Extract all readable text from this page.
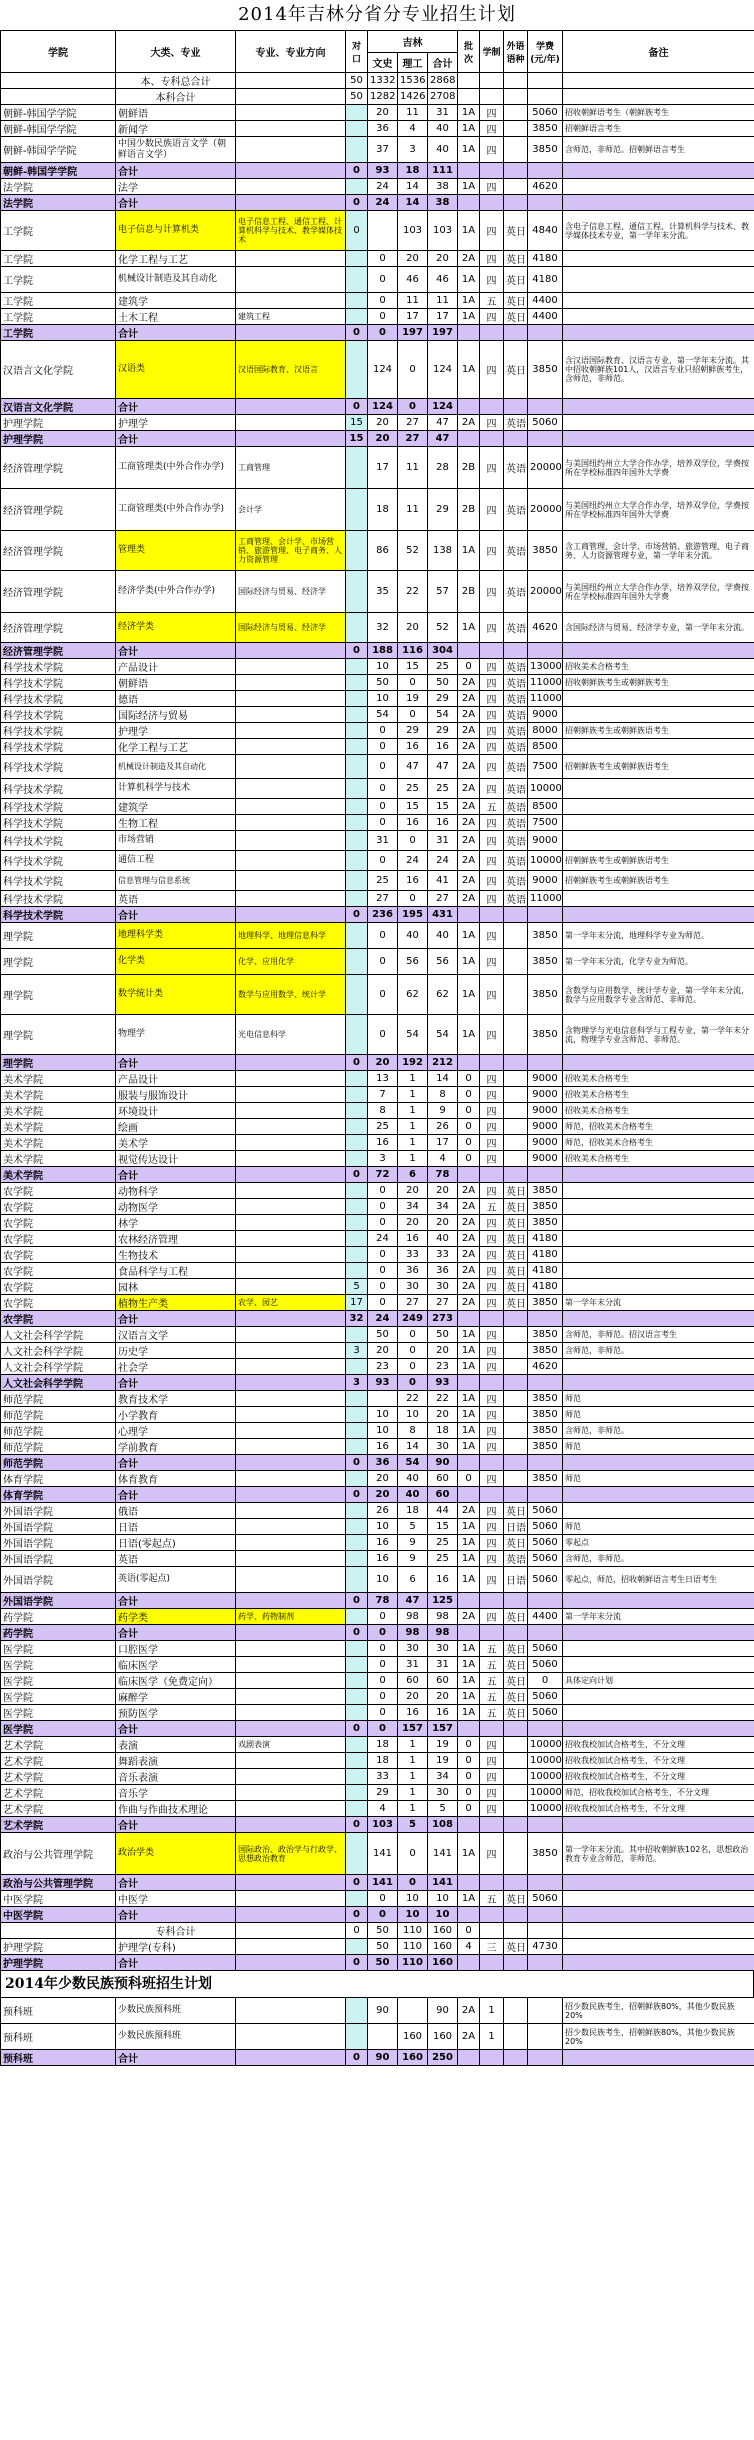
2014年吉林分省分专业招生计划
学院	大类、专业	专业、专业方向	对口	吉林			批次	学制	外语语种	学费(元/年)	备注
				文史	理工	合计					
	本、专科总合计		50	1332	1536	2868					
	本科合计		50	1282	1426	2708					
朝鲜-韩国学学院	朝鲜语			20	11	31	1A	四		5060	招收朝鲜语考生（朝鲜族考生
朝鲜-韩国学学院	新闻学			36	4	40	1A	四		3850	招朝鲜语言考生
朝鲜-韩国学学院	中国少数民族语言文学（朝鲜语言文学）			37	3	40	1A	四		3850	含师范，非师范。招朝鲜语言考生
朝鲜-韩国学学院	合计		0	93	18	111					
法学院	法学			24	14	38	1A	四		4620	
法学院	合计		0	24	14	38					
工学院	电子信息与计算机类	电子信息工程、通信工程、计算机科学与技术、教学媒体技术	0		103	103	1A	四	英日	4840	含电子信息工程、通信工程、计算机科学与技术、教学媒体技术专业，第一学年末分流。
工学院	化学工程与工艺			0	20	20	2A	四	英日	4180	
工学院	机械设计制造及其自动化			0	46	46	1A	四	英日	4180	
工学院	建筑学			0	11	11	1A	五	英日	4400	
工学院	土木工程	建筑工程		0	17	17	1A	四	英日	4400	
工学院	合计		0	0	197	197					
汉语言文化学院	汉语类	汉语国际教育、汉语言		124	0	124	1A	四	英日	3850	含汉语国际教育、汉语言专业，第一学年末分流。其中招收朝鲜族101人，汉语言专业只招朝鲜族考生，含师范，非师范。
汉语言文化学院	合计		0	124	0	124					
护理学院	护理学		15	20	27	47	2A	四	英语	5060	
护理学院	合计		15	20	27	47					
经济管理学院	工商管理类(中外合作办学)	工商管理		17	11	28	2B	四	英语	20000	与美国纽约州立大学合作办学，培养双学位，学费按所在学校标准四年国外大学费
经济管理学院	工商管理类(中外合作办学)	会计学		18	11	29	2B	四	英语	20000	与美国纽约州立大学合作办学，培养双学位，学费按所在学校标准四年国外大学费
经济管理学院	管理类	工商管理、会计学、市场营销、旅游管理、电子商务、人力资源管理		86	52	138	1A	四	英语	3850	含工商管理、会计学、市场营销、旅游管理、电子商务、人力资源管理专业，第一学年末分流。
经济管理学院	经济学类(中外合作办学)	国际经济与贸易、经济学		35	22	57	2B	四	英语	20000	与美国纽约州立大学合作办学，培养双学位，学费按所在学校标准四年国外大学费
经济管理学院	经济学类	国际经济与贸易、经济学		32	20	52	1A	四	英语	4620	含国际经济与贸易、经济学专业，第一学年末分流。
经济管理学院	合计		0	188	116	304					
科学技术学院	产品设计			10	15	25	0	四	英语	13000	招收美术合格考生
科学技术学院	朝鲜语			50	0	50	2A	四	英语	11000	招收朝鲜族考生或朝鲜族考生
科学技术学院	德语			10	19	29	2A	四	英语	11000	
科学技术学院	国际经济与贸易			54	0	54	2A	四	英语	9000	
科学技术学院	护理学			0	29	29	2A	四	英语	8000	招朝鲜族考生或朝鲜族语考生
科学技术学院	化学工程与工艺			0	16	16	2A	四	英语	8500	
科学技术学院	机械设计制造及其自动化			0	47	47	2A	四	英语	7500	招朝鲜族考生或朝鲜族语考生
科学技术学院	计算机科学与技术			0	25	25	2A	四	英语	10000	
科学技术学院	建筑学			0	15	15	2A	五	英语	8500	
科学技术学院	生物工程			0	16	16	2A	四	英语	7500	
科学技术学院	市场营销			31	0	31	2A	四	英语	9000	
科学技术学院	通信工程			0	24	24	2A	四	英语	10000	招朝鲜族考生或朝鲜族语考生
科学技术学院	信息管理与信息系统			25	16	41	2A	四	英语	9000	招朝鲜族考生或朝鲜族语考生
科学技术学院	英语			27	0	27	2A	四	英语	11000	
科学技术学院	合计		0	236	195	431					
理学院	地理科学类	地理科学、地理信息科学		0	40	40	1A	四		3850	第一学年末分流，地理科学专业为师范。
理学院	化学类	化学、应用化学		0	56	56	1A	四		3850	第一学年末分流，化学专业为师范。
理学院	数学统计类	数学与应用数学、统计学		0	62	62	1A	四		3850	含数学与应用数学、统计学专业，第一学年末分流，数学与应用数学专业含师范、非师范。
理学院	物理学	光电信息科学		0	54	54	1A	四		3850	含物理学与光电信息科学与工程专业，第一学年末分流，物理学专业含师范、非师范。
理学院	合计		0	20	192	212					
美术学院	产品设计			13	1	14	0	四		9000	招收美术合格考生
美术学院	服装与服饰设计			7	1	8	0	四		9000	招收美术合格考生
美术学院	环境设计			8	1	9	0	四		9000	招收美术合格考生
美术学院	绘画			25	1	26	0	四		9000	师范，招收美术合格考生
美术学院	美术学			16	1	17	0	四		9000	师范，招收美术合格考生
美术学院	视觉传达设计			3	1	4	0	四		9000	招收美术合格考生
美术学院	合计		0	72	6	78					
农学院	动物科学			0	20	20	2A	四	英日	3850	
农学院	动物医学			0	34	34	2A	五	英日	3850	
农学院	林学			0	20	20	2A	四	英日	3850	
农学院	农林经济管理			24	16	40	2A	四	英日	4180	
农学院	生物技术			0	33	33	2A	四	英日	4180	
农学院	食品科学与工程			0	36	36	2A	四	英日	4180	
农学院	园林		5	0	30	30	2A	四	英日	4180	
农学院	植物生产类	农学、园艺	17	0	27	27	2A	四	英日	3850	第一学年末分流
农学院	合计		32	24	249	273					
人文社会科学学院	汉语言文学			50	0	50	1A	四		3850	含师范，非师范。招汉语言考生
人文社会科学学院	历史学		3	20	0	20	1A	四		3850	含师范，非师范。
人文社会科学学院	社会学			23	0	23	1A	四		4620	
人文社会科学学院	合计		3	93	0	93					
师范学院	教育技术学				22	22	1A	四		3850	师范
师范学院	小学教育			10	10	20	1A	四		3850	师范
师范学院	心理学			10	8	18	1A	四		3850	含师范，非师范。
师范学院	学前教育			16	14	30	1A	四		3850	师范
师范学院	合计		0	36	54	90					
体育学院	体育教育			20	40	60	0	四		3850	师范
体育学院	合计		0	20	40	60					
外国语学院	俄语			26	18	44	2A	四	英日	5060	
外国语学院	日语			10	5	15	1A	四	日语	5060	师范
外国语学院	日语(零起点)			16	9	25	1A	四	英日	5060	零起点
外国语学院	英语			16	9	25	1A	四	英语	5060	含师范，非师范。
外国语学院	英语(零起点)			10	6	16	1A	四	日语	5060	零起点，师范，招收朝鲜语言考生日语考生
外国语学院	合计		0	78	47	125					
药学院	药学类	药学、药物制剂		0	98	98	2A	四	英日	4400	第一学年末分流
药学院	合计		0	0	98	98					
医学院	口腔医学			0	30	30	1A	五	英日	5060	
医学院	临床医学			0	31	31	1A	五	英日	5060	
医学院	临床医学（免费定向）			0	60	60	1A	五	英日	0	具体定向计划
医学院	麻醉学			0	20	20	1A	五	英日	5060	
医学院	预防医学			0	16	16	1A	五	英日	5060	
医学院	合计		0	0	157	157					
艺术学院	表演	戏剧表演		18	1	19	0	四		10000	招收我校加试合格考生，不分文理
艺术学院	舞蹈表演			18	1	19	0	四		10000	招收我校加试合格考生，不分文理
艺术学院	音乐表演			33	1	34	0	四		10000	招收我校加试合格考生，不分文理
艺术学院	音乐学			29	1	30	0	四		10000	师范，招收我校加试合格考生，不分文理
艺术学院	作曲与作曲技术理论			4	1	5	0	四		10000	招收我校加试合格考生，不分文理
艺术学院	合计		0	103	5	108					
政治与公共管理学院	政治学类	国际政治、政治学与行政学、思想政治教育		141	0	141	1A	四		3850	第一学年末分流。其中招收朝鲜族102名，思想政治教育专业含师范，非师范。
政治与公共管理学院	合计		0	141	0	141					
中医学院	中医学			0	10	10	1A	五	英日	5060	
中医学院	合计		0	0	10	10					
	专科合计		0	50	110	160	0				
护理学院	护理学(专科)			50	110	160	4	三	英日	4730	
护理学院	合计		0	50	110	160					
2014年少数民族预科班招生计划
预科班	少数民族预科班			90		90	2A	1			招少数民族考生，招朝鲜族80%，其他少数民族20%
预科班	少数民族预科班				160	160	2A	1			招少数民族考生，招朝鲜族80%，其他少数民族20%
预科班	合计		0	90	160	250					
